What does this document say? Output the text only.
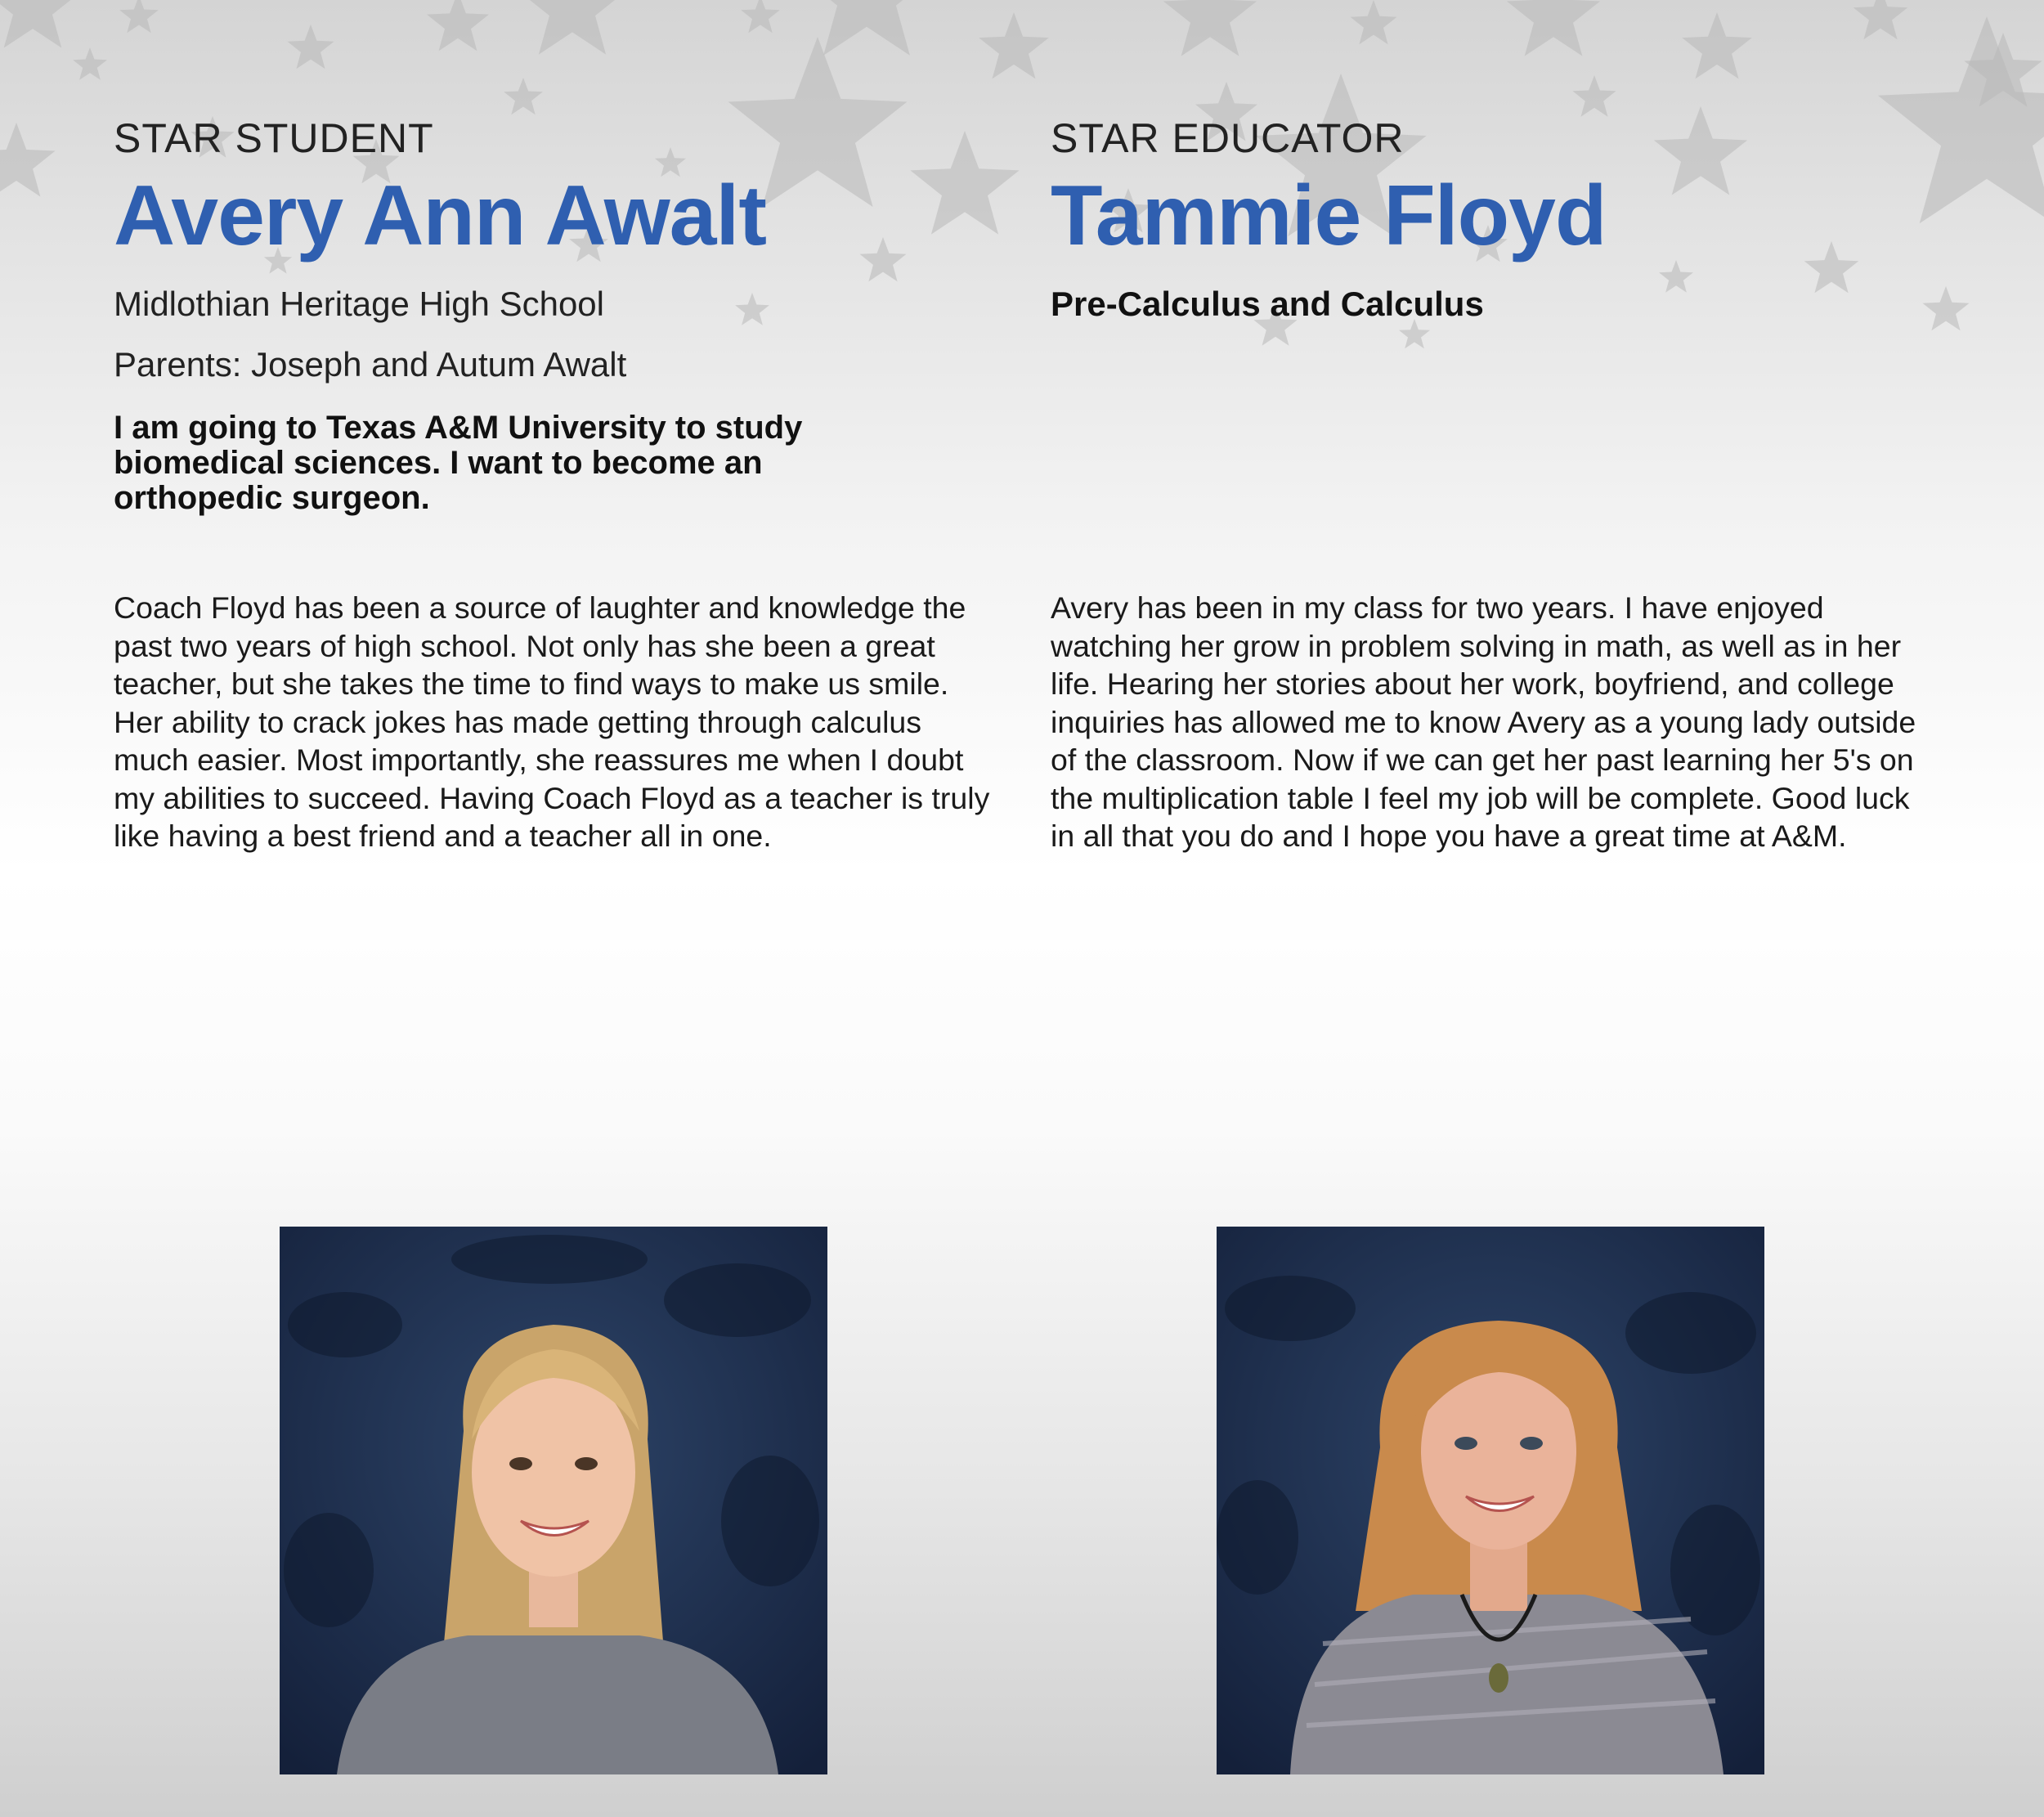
STAR STUDENT

Avery Ann Awalt

Midlothian Heritage High School

Parents: Joseph and Autum Awalt

I am going to Texas A&M University to study biomedical sciences. I want to become an orthopedic surgeon.

STAR EDUCATOR

Tammie Floyd

Pre-Calculus and Calculus

Coach Floyd has been a source of laughter and knowledge the past two years of high school. Not only has she been a great teacher, but she takes the time to find ways to make us smile. Her ability to crack jokes has made getting through calculus much easier. Most importantly, she reassures me when I doubt my abilities to succeed. Having Coach Floyd as a teacher is truly like having a best friend and a teacher all in one.

Avery has been in my class for two years. I have enjoyed watching her grow in problem solving in math, as well as in her life. Hearing her stories about her work, boyfriend, and college inquiries has allowed me to know Avery as a young lady outside of the classroom. Now if we can get her past learning her 5's on the multiplication table I feel my job will be complete. Good luck in all that you do and I hope you have a great time at A&M.
